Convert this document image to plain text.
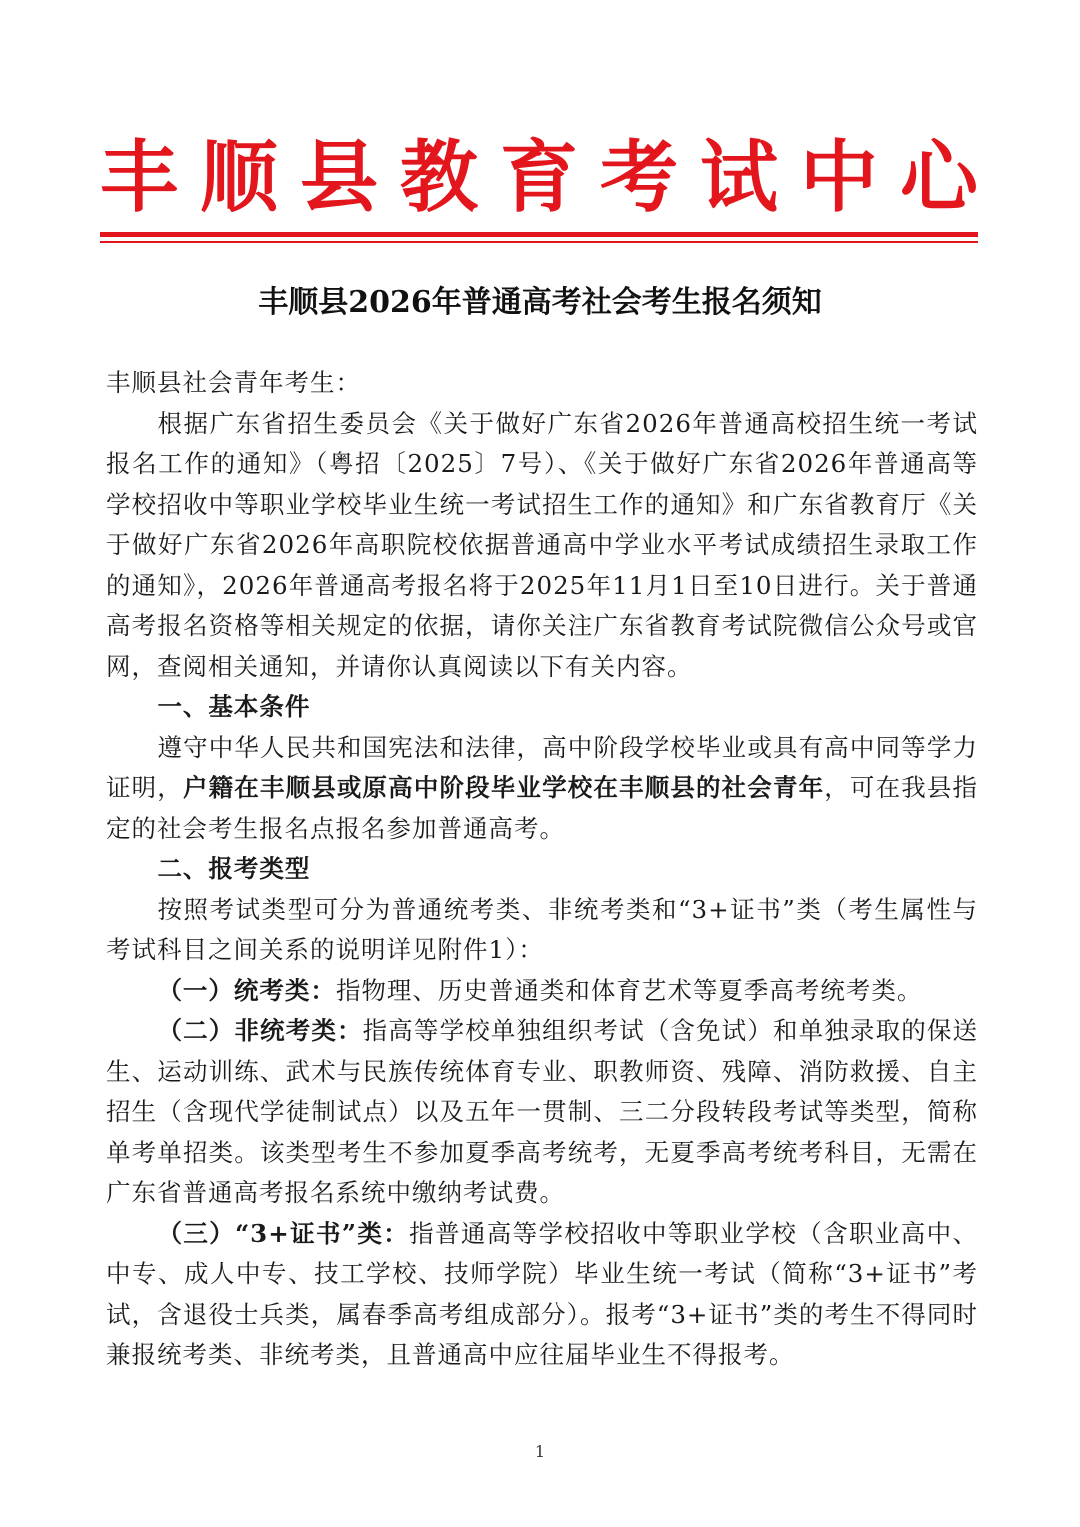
丰顺县教育考试中心
丰顺县2026年普通高考社会考生报名须知

丰顺县社会青年考生：

根据广东省招生委员会《关于做好广东省2026年普通高校招生统一考试报名工作的通知》（粤招〔2025〕7号）、《关于做好广东省2026年普通高等学校招收中等职业学校毕业生统一考试招生工作的通知》和广东省教育厅《关于做好广东省2026年高职院校依据普通高中学业水平考试成绩招生录取工作的通知》，2026年普通高考报名将于2025年11月1日至10日进行。关于普通高考报名资格等相关规定的依据，请你关注广东省教育考试院微信公众号或官网，查阅相关通知，并请你认真阅读以下有关内容。

一、基本条件

遵守中华人民共和国宪法和法律，高中阶段学校毕业或具有高中同等学力证明，户籍在丰顺县或原高中阶段毕业学校在丰顺县的社会青年，可在我县指定的社会考生报名点报名参加普通高考。

二、报考类型

按照考试类型可分为普通统考类、非统考类和“3+证书”类（考生属性与考试科目之间关系的说明详见附件1）：

（一）统考类：指物理、历史普通类和体育艺术等夏季高考统考类。

（二）非统考类：指高等学校单独组织考试（含免试）和单独录取的保送生、运动训练、武术与民族传统体育专业、职教师资、残障、消防救援、自主招生（含现代学徒制试点）以及五年一贯制、三二分段转段考试等类型，简称单考单招类。该类型考生不参加夏季高考统考，无夏季高考统考科目，无需在广东省普通高考报名系统中缴纳考试费。

（三）“3+证书”类：指普通高等学校招收中等职业学校（含职业高中、中专、成人中专、技工学校、技师学院）毕业生统一考试（简称“3+证书”考试，含退役士兵类，属春季高考组成部分）。报考“3+证书”类的考生不得同时兼报统考类、非统考类，且普通高中应往届毕业生不得报考。

1
